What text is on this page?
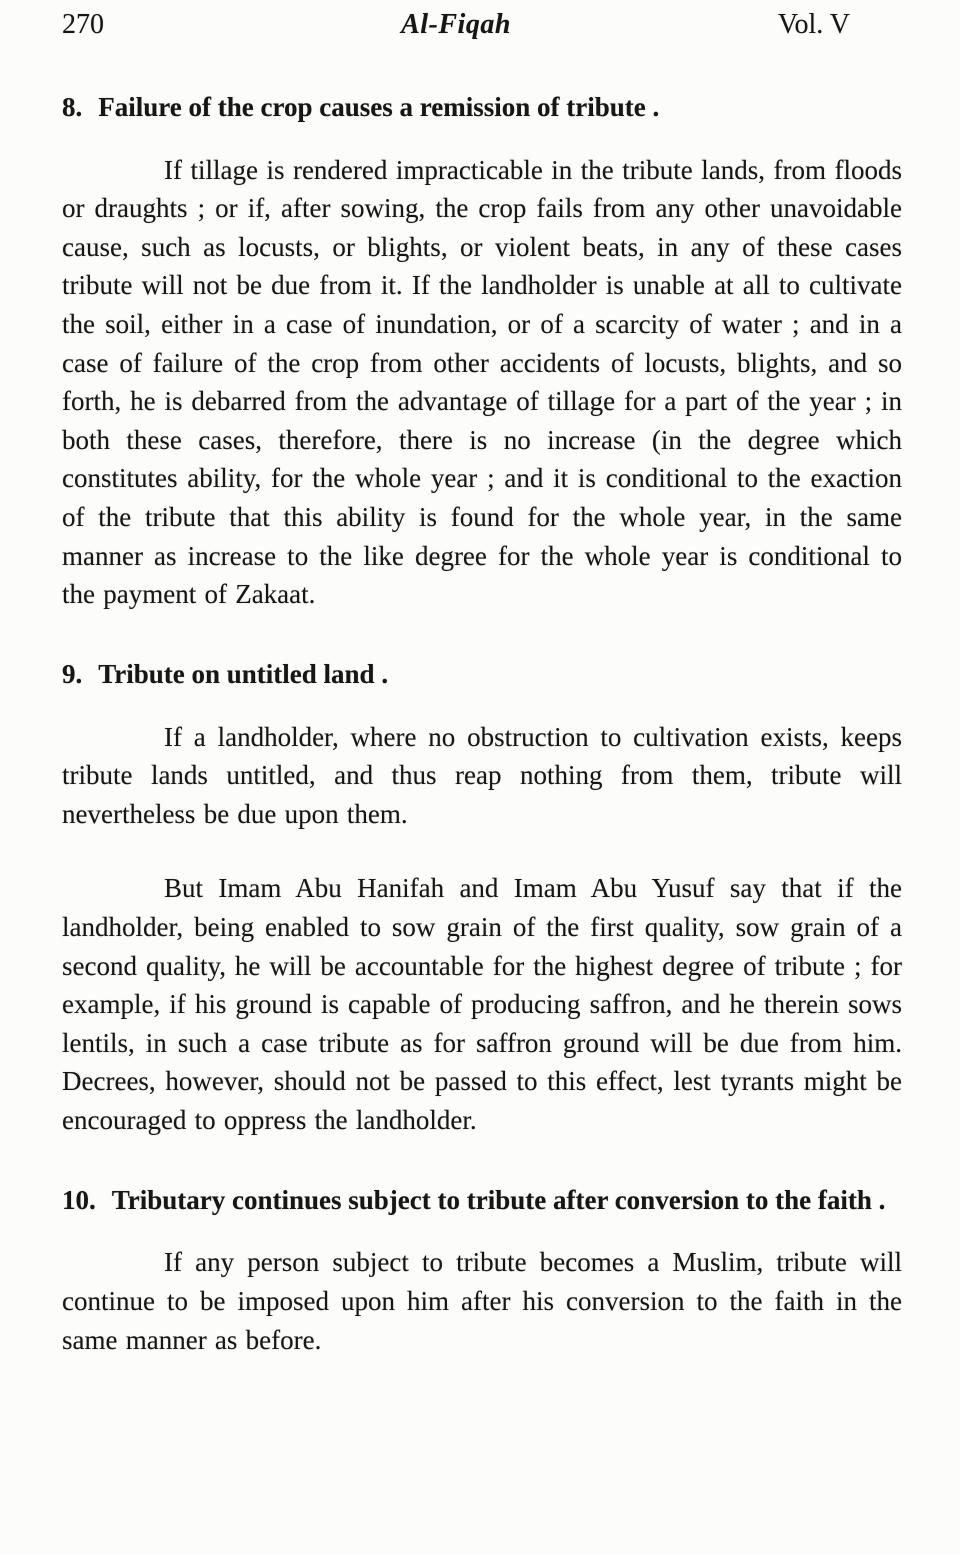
270	Al-Fiqah	Vol. V
8. Failure of the crop causes a remission of tribute .

If tillage is rendered impracticable in the tribute lands, from floods or draughts ; or if, after sowing, the crop fails from any other unavoidable cause, such as locusts, or blights, or violent beats, in any of these cases tribute will not be due from it. If the landholder is unable at all to cultivate the soil, either in a case of inundation, or of a scarcity of water ; and in a case of failure of the crop from other accidents of locusts, blights, and so forth, he is debarred from the advantage of tillage for a part of the year ; in both these cases, therefore, there is no increase (in the degree which constitutes ability, for the whole year ; and it is conditional to the exaction of the tribute that this ability is found for the whole year, in the same manner as increase to the like degree for the whole year is conditional to the payment of Zakaat.

9. Tribute on untitled land .

If a landholder, where no obstruction to cultivation exists, keeps tribute lands untitled, and thus reap nothing from them, tribute will nevertheless be due upon them.

But Imam Abu Hanifah and Imam Abu Yusuf say that if the landholder, being enabled to sow grain of the first quality, sow grain of a second quality, he will be accountable for the highest degree of tribute ; for example, if his ground is capable of producing saffron, and he therein sows lentils, in such a case tribute as for saffron ground will be due from him. Decrees, however, should not be passed to this effect, lest tyrants might be encouraged to oppress the landholder.

10. Tributary continues subject to tribute after conversion to the faith .

If any person subject to tribute becomes a Muslim, tribute will continue to be imposed upon him after his conversion to the faith in the same manner as before.
